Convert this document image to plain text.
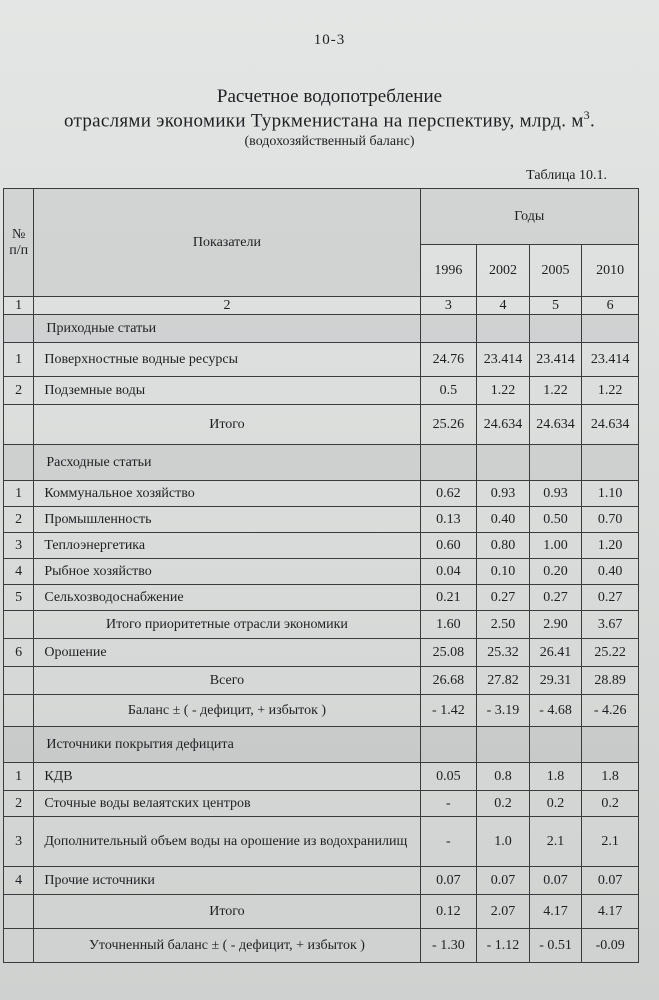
10-3
Расчетное водопотребление
отраслями экономики Туркменистана на перспективу, млрд. $м^3$.
(водохозяйственный баланс)
Таблица 10.1.
№ п/п	Показатели	Годы			
		1996	2002	2005	2010
1	2	3	4	5	6
	Приходные статьи				
1	Поверхностные водные ресурсы	24.76	23.414	23.414	23.414
2	Подземные воды	0.5	1.22	1.22	1.22
	Итого	25.26	24.634	24.634	24.634
	Расходные статьи				
1	Коммунальное хозяйство	0.62	0.93	0.93	1.10
2	Промышленность	0.13	0.40	0.50	0.70
3	Теплоэнергетика	0.60	0.80	1.00	1.20
4	Рыбное хозяйство	0.04	0.10	0.20	0.40
5	Сельхозводоснабжение	0.21	0.27	0.27	0.27
	Итого приоритетные отрасли экономики	1.60	2.50	2.90	3.67
6	Орошение	25.08	25.32	26.41	25.22
	Всего	26.68	27.82	29.31	28.89
	Баланс ± ( - дефицит, + избыток )	- 1.42	- 3.19	- 4.68	- 4.26
	Источники покрытия дефицита				
1	КДВ	0.05	0.8	1.8	1.8
2	Сточные воды велаятских центров	-	0.2	0.2	0.2
3	Дополнительный объем воды на орошение из водохранилищ	-	1.0	2.1	2.1
4	Прочие источники	0.07	0.07	0.07	0.07
	Итого	0.12	2.07	4.17	4.17
	Уточненный баланс ± ( - дефицит, + избыток )	- 1.30	- 1.12	- 0.51	-0.09
